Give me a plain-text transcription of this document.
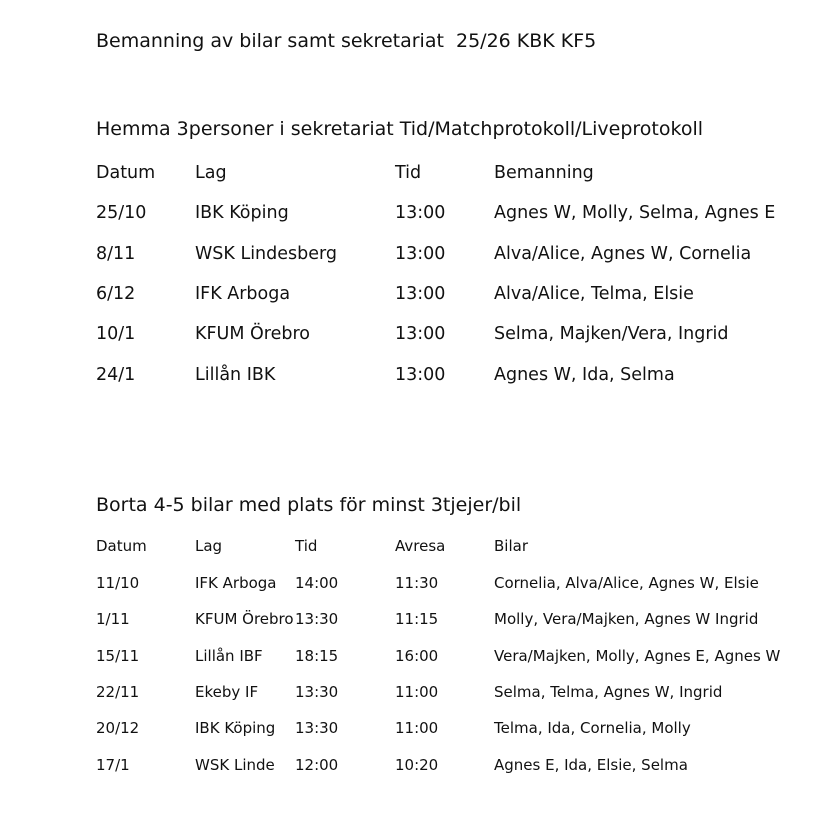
Bemanning av bilar samt sekretariat  25/26 KBK KF5
Hemma 3personer i sekretariat Tid/Matchprotokoll/Liveprotokoll
Datum Lag	Tid	Bemanning
25/10	IBK Köping	13:00	Agnes W, Molly, Selma, Agnes E
8/11	WSK Lindesberg	13:00	Alva/Alice, Agnes W, Cornelia
6/12	IFK Arboga	13:00	Alva/Alice, Telma, Elsie
10/1	KFUM Örebro	13:00	Selma, Majken/Vera, Ingrid
24/1	Lillån IBK	13:00	Agnes W, Ida, Selma
Borta 4-5 bilar med plats för minst 3tjejer/bil
Datum	Lag	Tid	Avresa	Bilar
11/10	IFK Arboga 14:00	11:30	Cornelia, Alva/Alice, Agnes W, Elsie
1/11	KFUM Örebro 13:30	11:15	Molly, Vera/Majken, Agnes W Ingrid
15/11	Lillån IBF 18:15	16:00	Vera/Majken, Molly, Agnes E, Agnes W
22/11	Ekeby IF 13:30	11:00	Selma, Telma, Agnes W, Ingrid
20/12	IBK Köping 13:30	11:00	Telma, Ida, Cornelia, Molly
17/1	WSK Linde 12:00	10:20	Agnes E, Ida, Elsie, Selma
